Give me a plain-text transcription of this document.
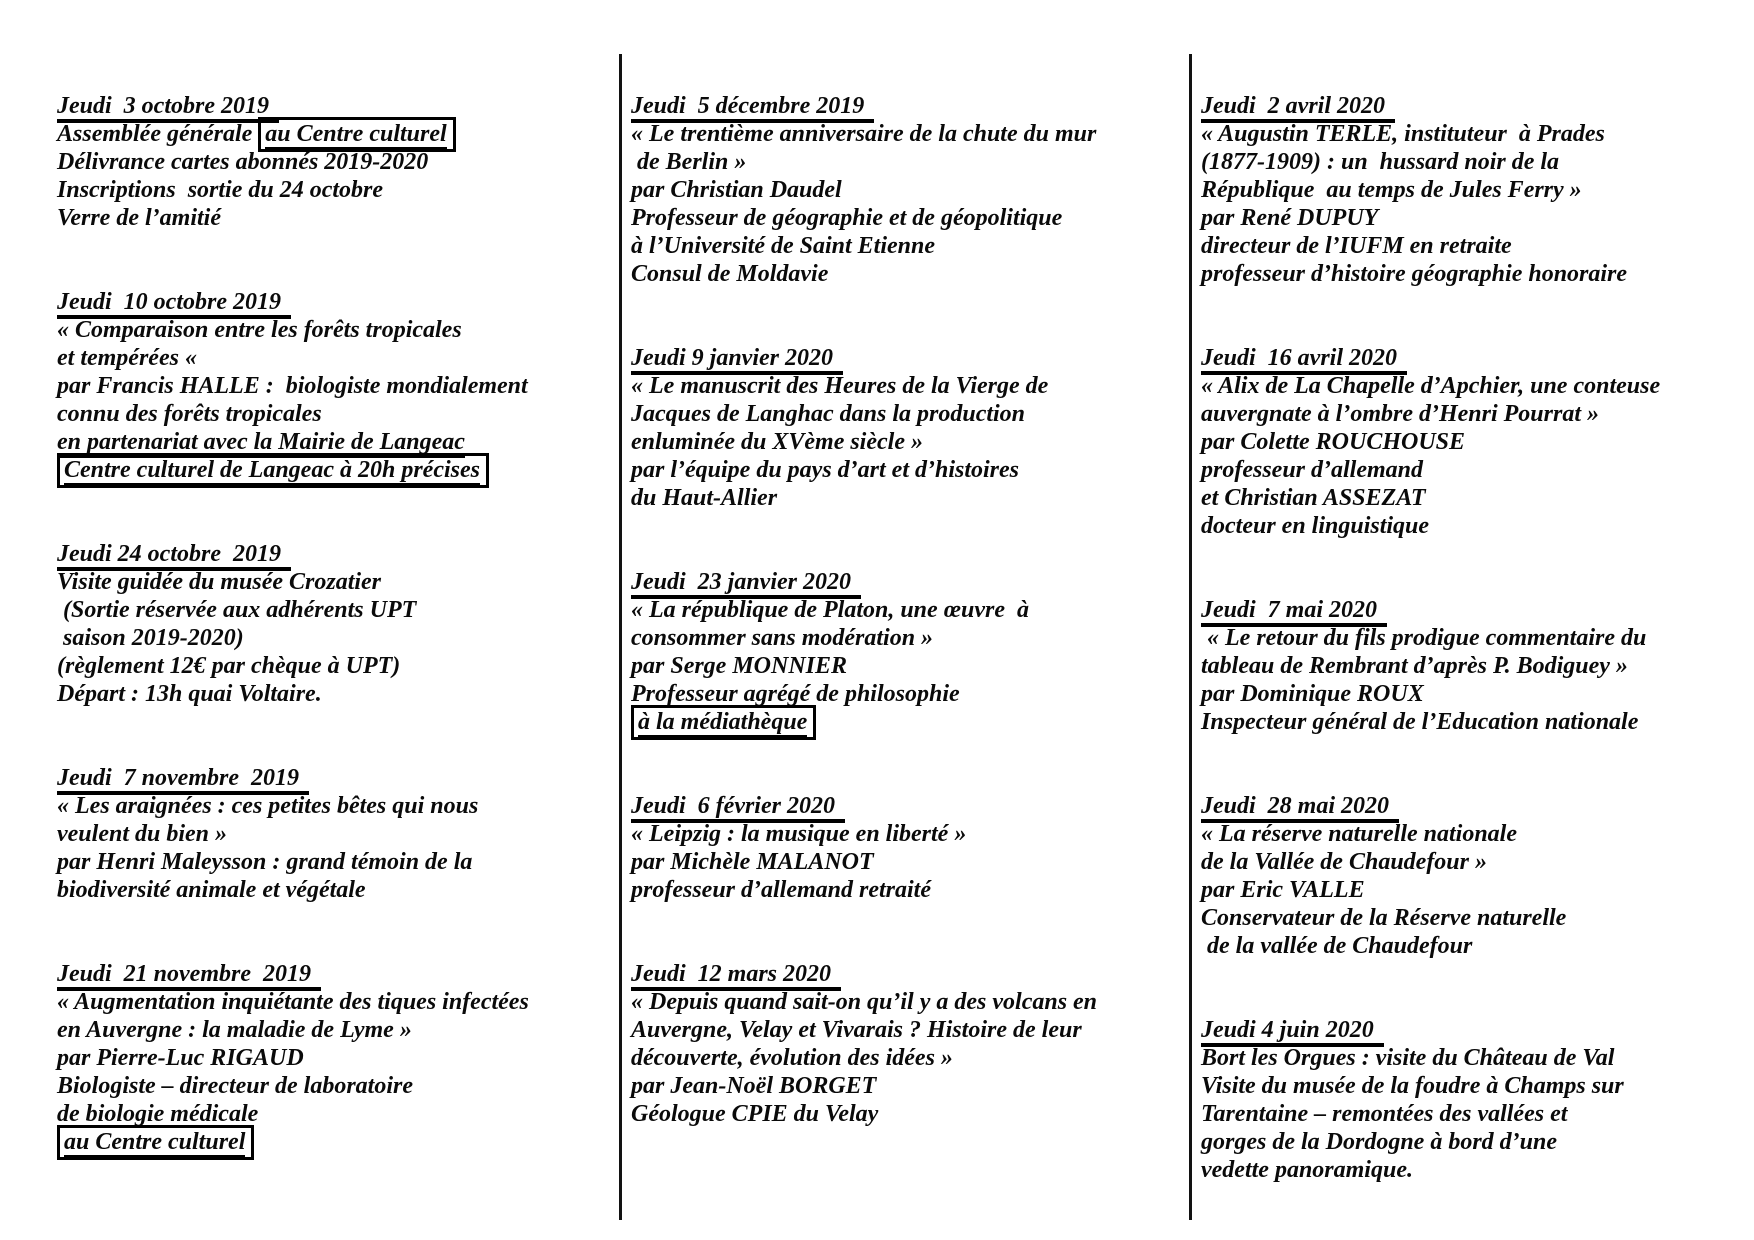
Jeudi  3 octobre 2019
Assemblée générale au Centre culturel
Délivrance cartes abonnés 2019-2020
Inscriptions  sortie du 24 octobre
Verre de l’amitié
Jeudi  10 octobre 2019
« Comparaison entre les forêts tropicales
et tempérées «
par Francis HALLE :  biologiste mondialement
connu des forêts tropicales
en partenariat avec la Mairie de Langeac
Centre culturel de Langeac à 20h précises
Jeudi 24 octobre  2019
Visite guidée du musée Crozatier
(Sortie réservée aux adhérents UPT
saison 2019-2020)
(règlement 12€ par chèque à UPT)
Départ : 13h quai Voltaire.
Jeudi  7 novembre  2019
« Les araignées : ces petites bêtes qui nous
veulent du bien »
par Henri Maleysson : grand témoin de la
biodiversité animale et végétale
Jeudi  21 novembre  2019
« Augmentation inquiétante des tiques infectées
en Auvergne : la maladie de Lyme »
par Pierre-Luc RIGAUD
Biologiste – directeur de laboratoire
de biologie médicale
au Centre culturel
Jeudi  5 décembre 2019
« Le trentième anniversaire de la chute du mur
de Berlin »
par Christian Daudel
Professeur de géographie et de géopolitique
à l’Université de Saint Etienne
Consul de Moldavie
Jeudi 9 janvier 2020
« Le manuscrit des Heures de la Vierge de
Jacques de Langhac dans la production
enluminée du XVème siècle »
par l’équipe du pays d’art et d’histoires
du Haut-Allier
Jeudi  23 janvier 2020
« La république de Platon, une œuvre  à
consommer sans modération »
par Serge MONNIER
Professeur agrégé de philosophie
à la médiathèque
Jeudi  6 février 2020
« Leipzig : la musique en liberté »
par Michèle MALANOT
professeur d’allemand retraité
Jeudi  12 mars 2020
« Depuis quand sait-on qu’il y a des volcans en
Auvergne, Velay et Vivarais ? Histoire de leur
découverte, évolution des idées »
par Jean-Noël BORGET
Géologue CPIE du Velay
Jeudi  2 avril 2020
« Augustin TERLE, instituteur  à Prades
(1877-1909) : un  hussard noir de la
République  au temps de Jules Ferry »
par René DUPUY
directeur de l’IUFM en retraite
professeur d’histoire géographie honoraire
Jeudi  16 avril 2020
« Alix de La Chapelle d’Apchier, une conteuse
auvergnate à l’ombre d’Henri Pourrat »
par Colette ROUCHOUSE
professeur d’allemand
et Christian ASSEZAT
docteur en linguistique
Jeudi  7 mai 2020
« Le retour du fils prodigue commentaire du
tableau de Rembrant d’après P. Bodiguey »
par Dominique ROUX
Inspecteur général de l’Education nationale
Jeudi  28 mai 2020
« La réserve naturelle nationale
de la Vallée de Chaudefour »
par Eric VALLE
Conservateur de la Réserve naturelle
de la vallée de Chaudefour
Jeudi 4 juin 2020
Bort les Orgues : visite du Château de Val
Visite du musée de la foudre à Champs sur
Tarentaine – remontées des vallées et
gorges de la Dordogne à bord d’une
vedette panoramique.
